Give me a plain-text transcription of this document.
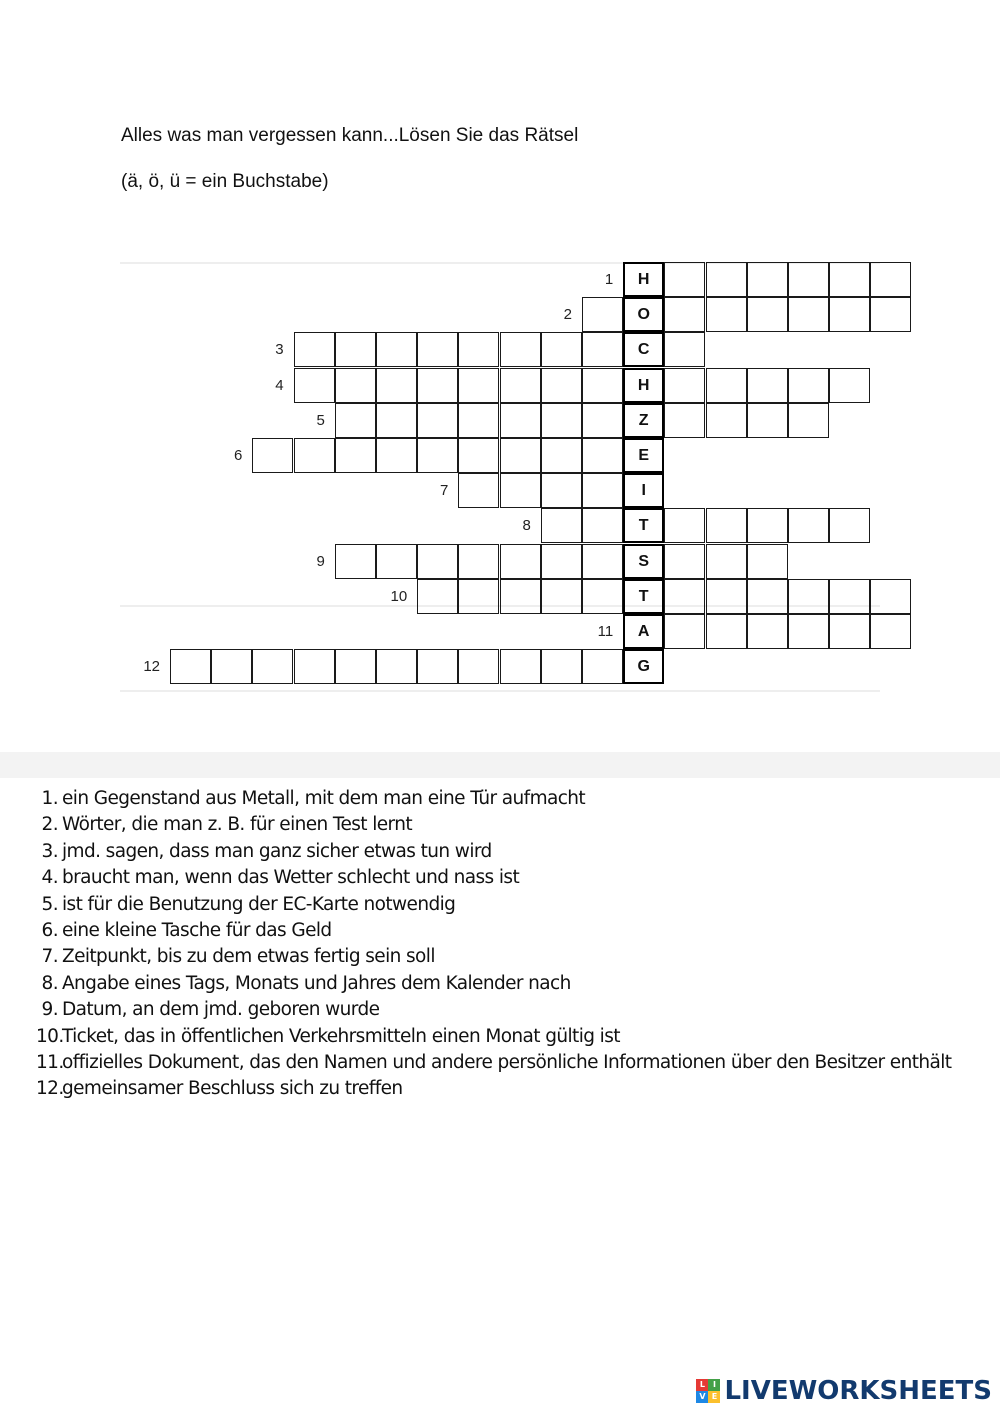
Alles was man vergessen kann...Lösen Sie das Rätsel
(ä, ö, ü = ein Buchstabe)
1	H
2	O
3	C
4	H
5	Z
6	E
7	I
8	T
9	S
10	T
11	A
12	G
1. ein Gegenstand aus Metall, mit dem man eine Tür aufmacht
2. Wörter, die man z. B. für einen Test lernt
3. jmd. sagen, dass man ganz sicher etwas tun wird
4. braucht man, wenn das Wetter schlecht und nass ist
5. ist für die Benutzung der EC-Karte notwendig
6. eine kleine Tasche für das Geld
7. Zeitpunkt, bis zu dem etwas fertig sein soll
8. Angabe eines Tags, Monats und Jahres dem Kalender nach
9. Datum, an dem jmd. geboren wurde
10.Ticket, das in öffentlichen Verkehrsmitteln einen Monat gültig ist
11.offizielles Dokument, das den Namen und andere persönliche Informationen über den Besitzer enthält
12.gemeinsamer Beschluss sich zu treffen
L I
V E LIVEWORKSHEETS
